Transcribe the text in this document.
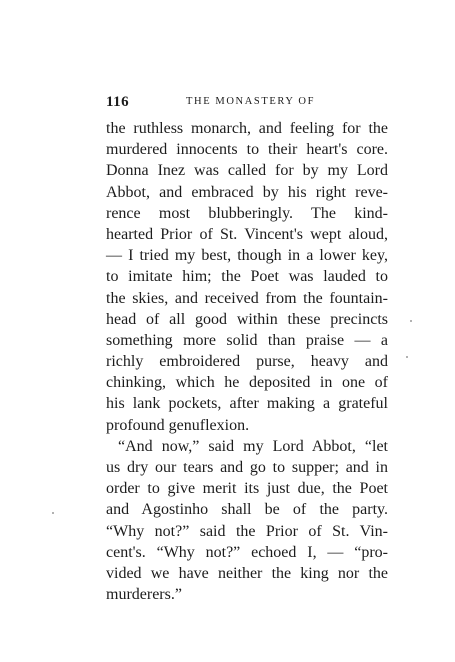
116	THE MONASTERY OF
the ruthless monarch, and feeling for the
murdered innocents to their heart's core.
Donna Inez was called for by my Lord
Abbot, and embraced by his right reve-
rence most blubberingly. The kind-
hearted Prior of St. Vincent's wept aloud,
— I tried my best, though in a lower key,
to imitate him; the Poet was lauded to
the skies, and received from the fountain-
head of all good within these precincts
something more solid than praise — a
richly embroidered purse, heavy and
chinking, which he deposited in one of
his lank pockets, after making a grateful
profound genuflexion.
“And now,” said my Lord Abbot, “let
us dry our tears and go to supper; and in
order to give merit its just due, the Poet
and Agostinho shall be of the party.
“Why not?” said the Prior of St. Vin-
cent's. “Why not?” echoed I, — “pro-
vided we have neither the king nor the
murderers.”
